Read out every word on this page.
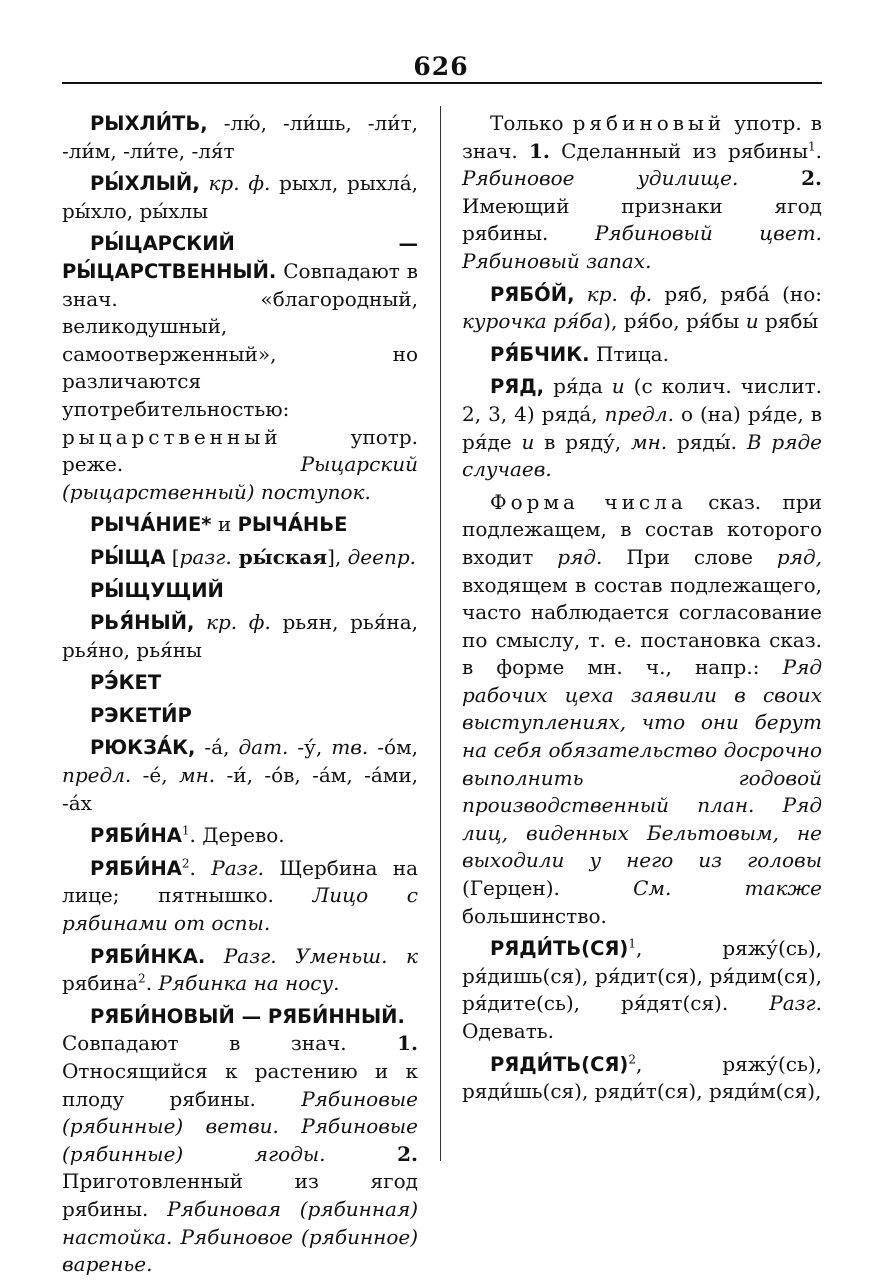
626

РЫХЛИ́ТЬ, -лю́, -ли́шь, -ли́т, -ли́м, -ли́те, -ля́т

РЫ́ХЛЫЙ, кр. ф. рыхл, рыхла́, ры́хло, ры́хлы

РЫ́ЦАРСКИЙ — РЫ́ЦАРСТВЕННЫЙ. Совпадают в знач. «благородный, великодушный, самоотверженный», но различаются употребительностью: рыцарственный употр. реже. Рыцарский (рыцарственный) поступок.

РЫЧА́НИЕ* и РЫЧА́НЬЕ

РЫ́ЩА [разг. ры́ская], деепр.

РЫ́ЩУЩИЙ

РЬЯ́НЫЙ, кр. ф. рьян, рья́на, рья́но, рья́ны

РЭ́КЕТ

РЭКЕТИ́Р

РЮКЗА́К, -а́, дат. -у́, тв. -о́м, предл. -е́, мн. -и́, -о́в, -а́м, -а́ми, -а́х

$РЯБИ́НА^1$. Дерево.

$РЯБИ́НА^2$. Разг. Щербина на лице; пятнышко. Лицо с рябинами от оспы.

РЯБИ́НКА. Разг. Уменьш. к рябина$^2$. Рябинка на носу.

РЯБИ́НОВЫЙ — РЯБИ́ННЫЙ.

Совпадают в знач. 1. Относящийся к растению и к плоду рябины. Рябиновые (рябинные) ветви. Рябиновые (рябинные) ягоды.	2. Приготовленный из ягод рябины. Рябиновая (рябинная) настойка. Рябиновое (рябинное) варенье.

Только рябиновый употр. в знач. 1. Сделанный из рябины$^1$. Рябиновое удилище.	2. Имеющий признаки ягод рябины. Рябиновый цвет. Рябиновый запах.

РЯБО́Й, кр. ф. ряб, ряба́ (но: курочка ря́ба), ря́бо, ря́бы и рябы́

РЯ́БЧИК. Птица.

РЯД, ря́да и (с колич. числит. 2, 3, 4) ряда́, предл. о (на) ря́де, в ря́де и в ряду́, мн. ряды́. В ряде случаев.

Форма числа сказ. при подлежащем, в состав которого входит ряд. При слове ряд, входящем в состав подлежащего, часто наблюдается согласование по смыслу, т. е. постановка сказ. в форме мн. ч., напр.: Ряд рабочих цеха заявили в своих выступлениях, что они берут на себя обязательство досрочно выполнить годовой производственный план. Ряд лиц, виденных Бельтовым, не выходили у него из головы (Герцен). См. также большинство.

РЯДИ́ТЬ(СЯ)$^1$, ряжу́(сь), ря́дишь(ся), ря́дит(ся), ря́дим(ся), ря́дите(сь), ря́дят(ся). Разг. Одевать.

РЯДИ́ТЬ(СЯ)$^2$, ряжу́(сь), ряди́шь(ся), ряди́т(ся), ряди́м(ся),
